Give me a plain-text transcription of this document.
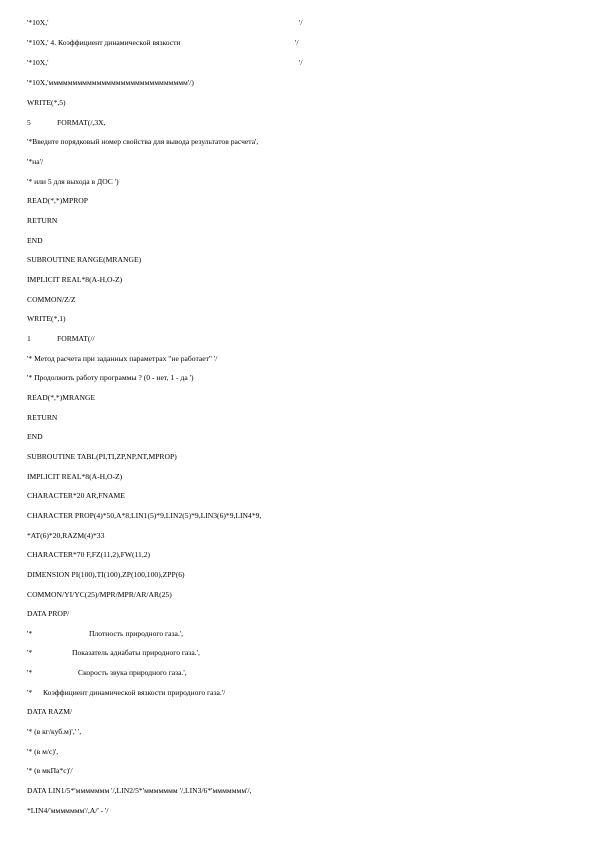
'*10X,'

	'/

'*10X,' 4. Коэффициент динамической вязкости

	'/

'*10X,'

	'/

'*10X,'ммммммммммммммммммммммммммммм'/)

WRITE(*,5)

5

	FORMAT(/,3X,

'*Введите порядковый номер свойства для вывода результатов расчета',

'*на'/

'* или 5 для выхода в ДОС ')

READ(*,*)MPROP

RETURN

END

SUBROUTINE RANGE(MRANGE)

IMPLICIT REAL*8(A-H,O-Z)

COMMON/Z/Z

WRITE(*,1)

1

	FORMAT(//

'* Метод расчета при заданных параметрах "не работает" '/

'* Продолжить работу программы ? (0 - нет, 1 - да ')

READ(*,*)MRANGE

RETURN

END

SUBROUTINE TABL(PI,TI,ZP,NP,NT,MPROP)

IMPLICIT REAL*8(A-H,O-Z)

CHARACTER*20 AR,FNAME

CHARACTER PROP(4)*50,A*8,LIN1(5)*9,LIN2(5)*9,LIN3(6)*9,LIN4*9,

*AT(6)*20,RAZM(4)*33

CHARACTER*70 F,FZ(11,2),FW(11,2)

DIMENSION PI(100),TI(100),ZP(100,100),ZPP(6)

COMMON/YI/YC(25)/MPR/MPR/AR/AR(25)

DATA PROP/

'*

	Плотность природного газа.',

'*

	Показатель адиабаты природного газа.',

'*

	Скорость звука природного газа.',

'*

Коэффициент динамической вязкости природного газа.'/

DATA RAZM/

'* (в кг/куб.м)',' ',

'* (в м/с)',

'* (в мкПа*с)'/

DATA LIN1/5*'ммммммм '/,LIN2/5*'ммммммм '/,LIN3/6*'ммммммм'/,

*LIN4/'ммммммм'/,A/' - '/
